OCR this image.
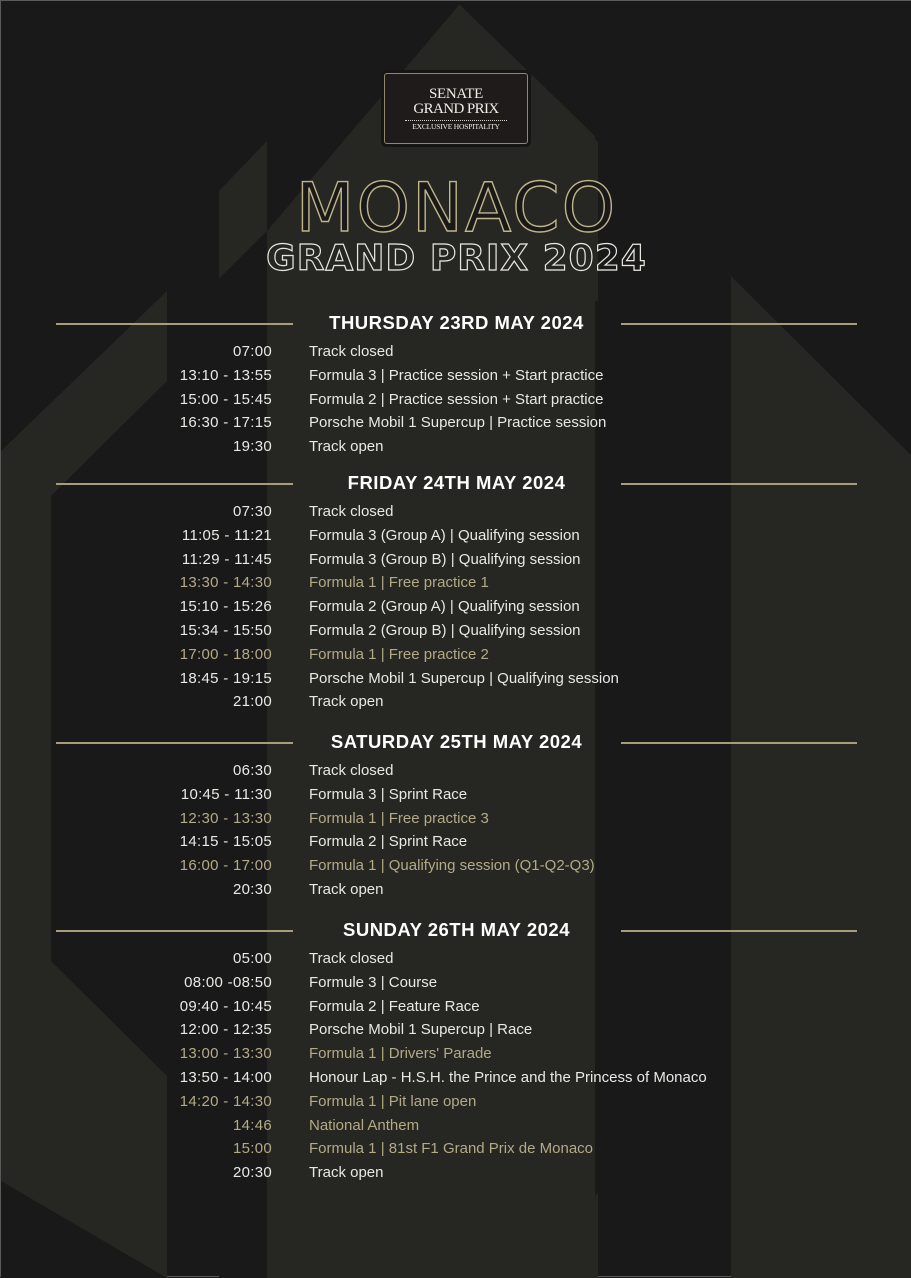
SENATE
GRAND PRIX
EXCLUSIVE HOSPITALITY
MONACO
GRAND PRIX 2024
THURSDAY 23RD MAY 2024
07:00 Track closed
13:10 - 13:55 Formula 3 | Practice session + Start practice
15:00 - 15:45 Formula 2 | Practice session + Start practice
16:30 - 17:15 Porsche Mobil 1 Supercup | Practice session
19:30 Track open
FRIDAY 24TH MAY 2024
07:30 Track closed
11:05 - 11:21 Formula 3 (Group A) | Qualifying session
11:29 - 11:45 Formula 3 (Group B) | Qualifying session
13:30 - 14:30 Formula 1 | Free practice 1
15:10 - 15:26 Formula 2 (Group A) | Qualifying session
15:34 - 15:50 Formula 2 (Group B) | Qualifying session
17:00 - 18:00 Formula 1 | Free practice 2
18:45 - 19:15 Porsche Mobil 1 Supercup | Qualifying session
21:00 Track open
SATURDAY 25TH MAY 2024
06:30 Track closed
10:45 - 11:30 Formula 3 | Sprint Race
12:30 - 13:30 Formula 1 | Free practice 3
14:15 - 15:05 Formula 2 | Sprint Race
16:00 - 17:00 Formula 1 | Qualifying session (Q1-Q2-Q3)
20:30 Track open
SUNDAY 26TH MAY 2024
05:00 Track closed
08:00 -08:50 Formule 3 | Course
09:40 - 10:45 Formula 2 | Feature Race
12:00 - 12:35 Porsche Mobil 1 Supercup | Race
13:00 - 13:30 Formula 1 | Drivers' Parade
13:50 - 14:00 Honour Lap - H.S.H. the Prince and the Princess of Monaco
14:20 - 14:30 Formula 1 | Pit lane open
14:46 National Anthem
15:00 Formula 1 | 81st F1 Grand Prix de Monaco
20:30 Track open
